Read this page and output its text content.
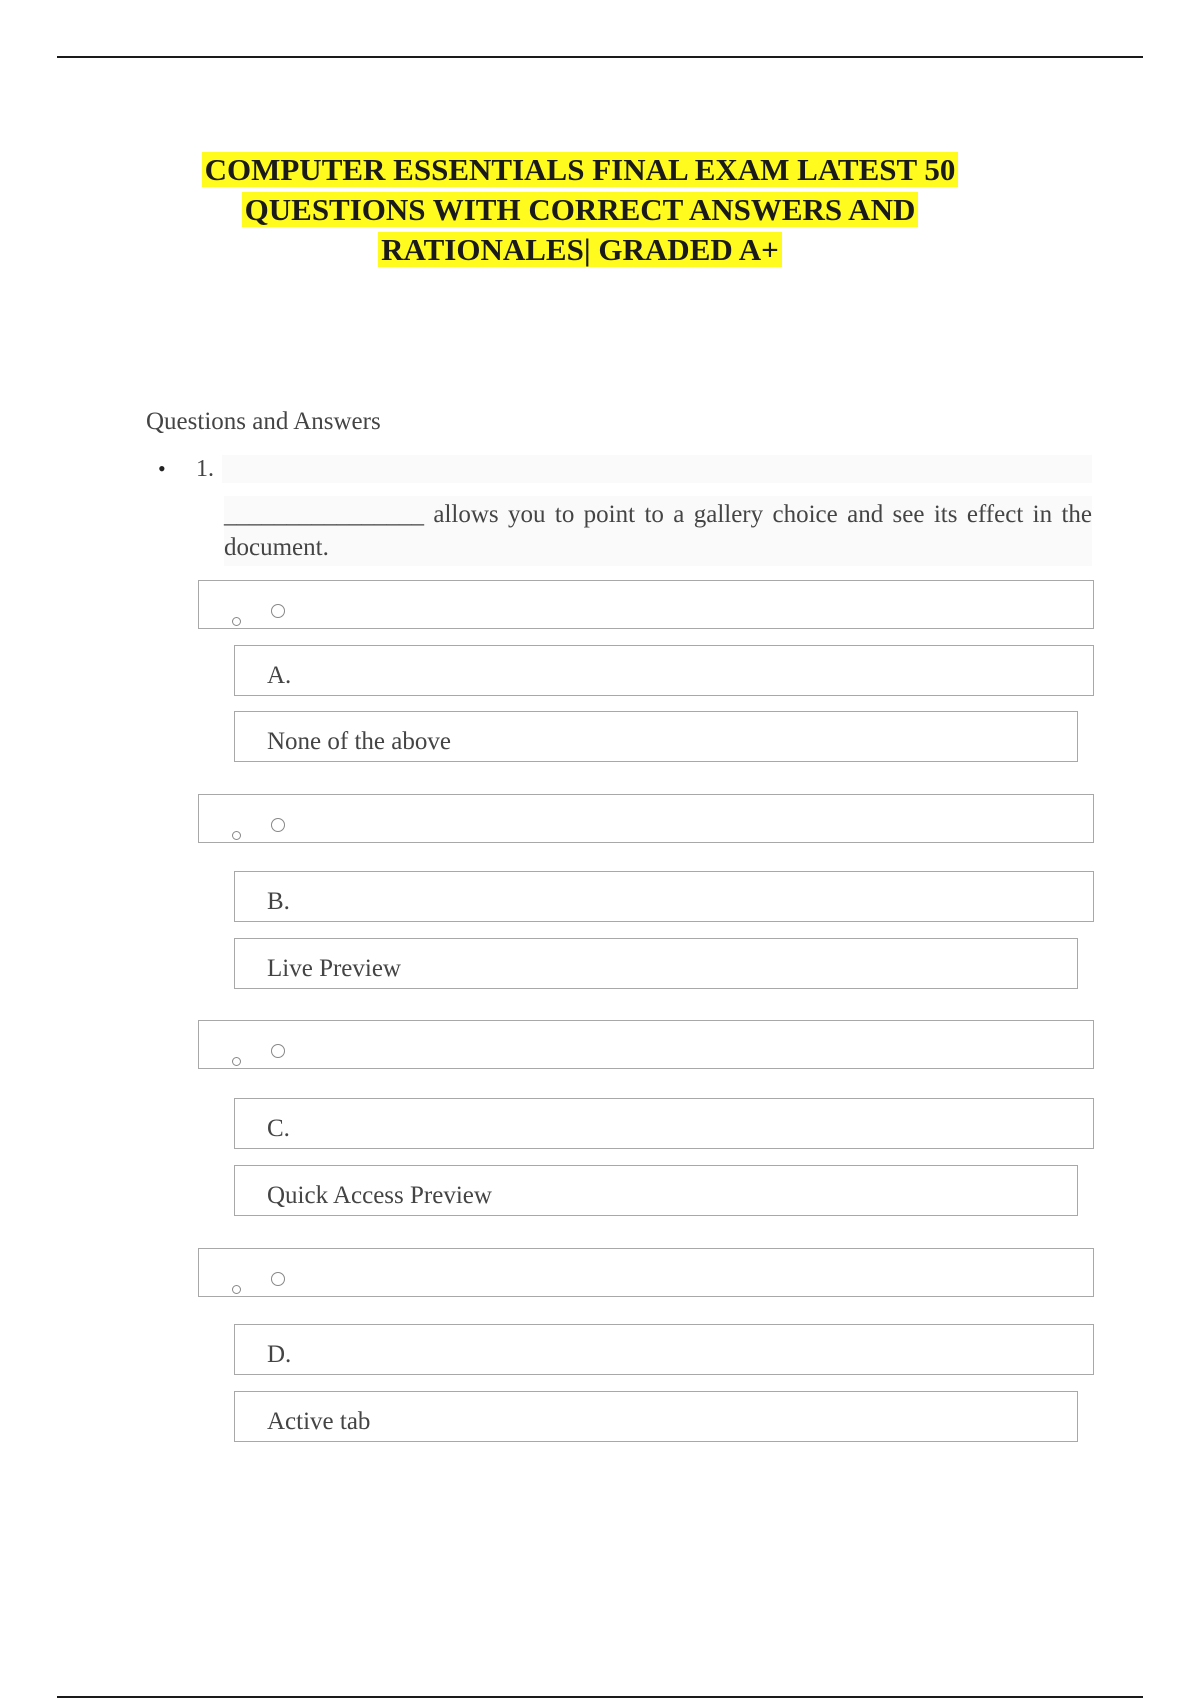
COMPUTER ESSENTIALS FINAL EXAM LATEST 50
QUESTIONS WITH CORRECT ANSWERS AND
RATIONALES| GRADED A+
Questions and Answers
• 1.
________________ allows you to point to a gallery choice and see its effect in the document.
A.
None of the above
B.
Live Preview
C.
Quick Access Preview
D.
Active tab
